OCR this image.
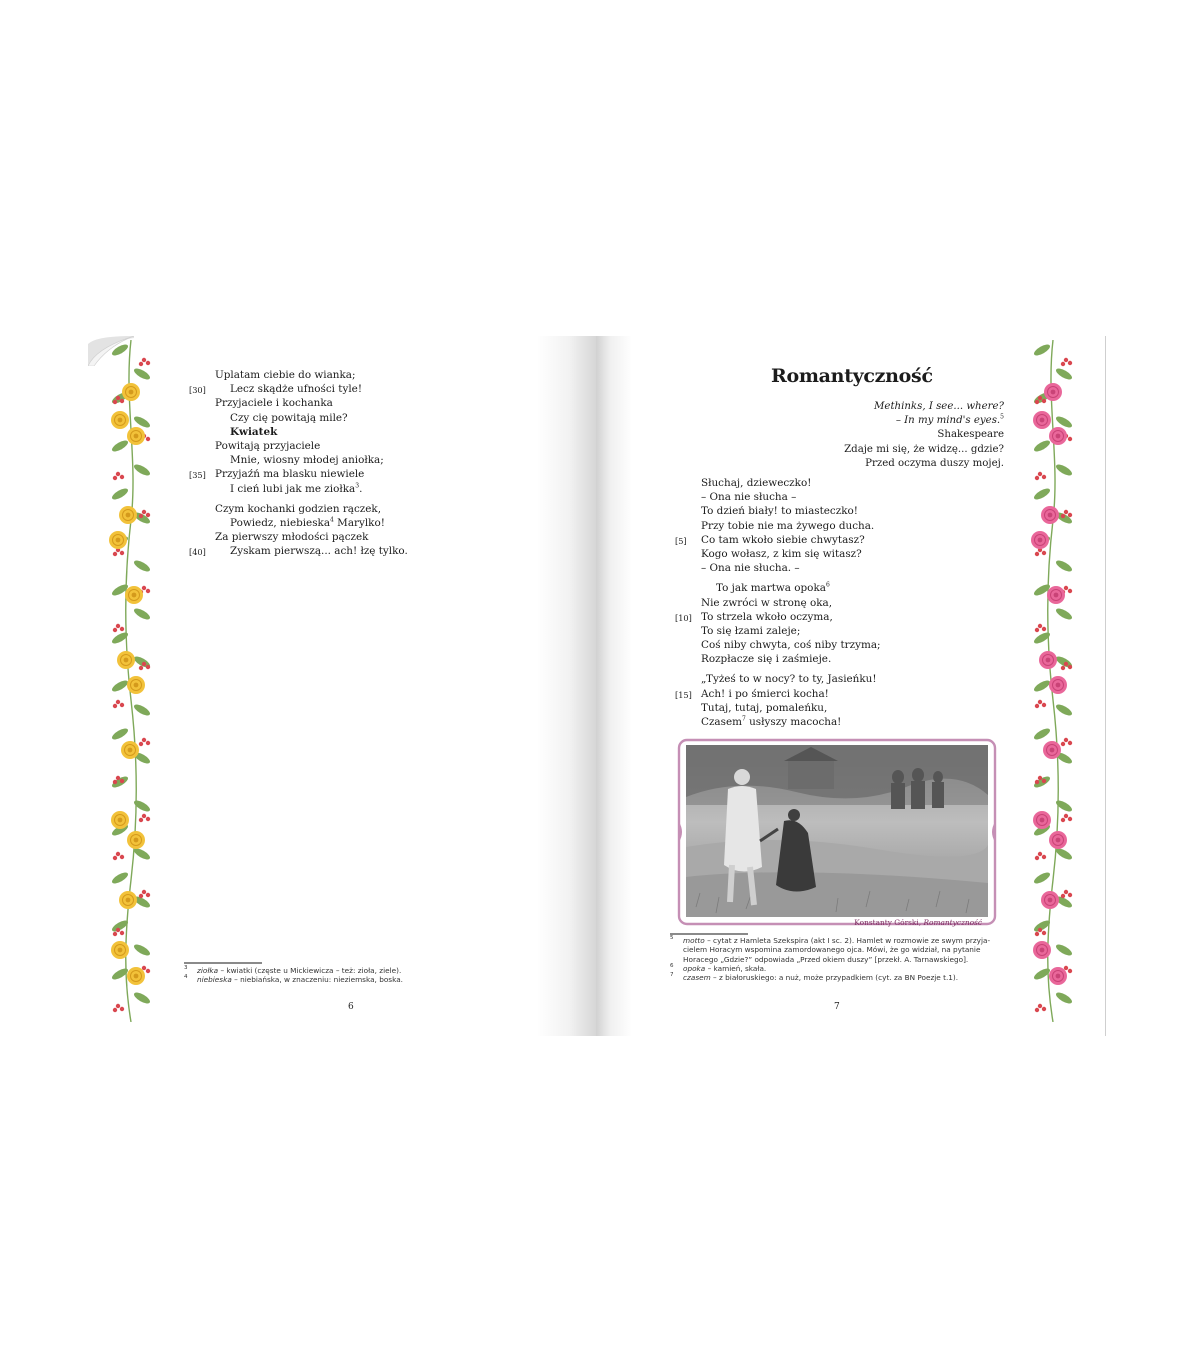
Uplatam ciebie do wianka;
[30] Lecz skądże ufności tyle!
Przyjaciele i kochanka
Czy cię powitają mile?
Kwiatek
Powitają przyjaciele
Mnie, wiosny młodej aniołka;
[35] Przyjaźń ma blasku niewiele
I cień lubi jak me ziołka$^3$.
Czym kochanki godzien rączek,
Powiedz, niebieska$^4$ Marylko!
Za pierwszy młodości pączek
[40] Zyskam pierwszą... ach! łzę tylko.
3 ziołka – kwiatki (częste u Mickiewicza – też: zioła, ziele).
4 niebieska – niebiańska, w znaczeniu: nieziemska, boska.
6
Romantyczność
Methinks, I see... where?
– In my mind's eyes.$^5$
Shakespeare
Zdaje mi się, że widzę... gdzie?
Przed oczyma duszy mojej.
Słuchaj, dzieweczko!
– Ona nie słucha –
To dzień biały! to miasteczko!
Przy tobie nie ma żywego ducha.
[5] Co tam wkoło siebie chwytasz?
Kogo wołasz, z kim się witasz?
– Ona nie słucha. –
To jak martwa opoka$^6$
Nie zwróci w stronę oka,
[10] To strzela wkoło oczyma,
To się łzami zaleje;
Coś niby chwyta, coś niby trzyma;
Rozpłacze się i zaśmieje.
„Tyżeś to w nocy? to ty, Jasieńku!
[15] Ach! i po śmierci kocha!
Tutaj, tutaj, pomaleńku,
Czasem$^7$ usłyszy macocha!
Konstanty Górski, Romantyczność
5 motto – cytat z Hamleta Szekspira (akt I sc. 2). Hamlet w rozmowie ze swym przyja-
cielem Horacym wspomina zamordowanego ojca. Mówi, że go widział, na pytanie
Horacego „Gdzie?” odpowiada „Przed okiem duszy” [przekł. A. Tarnawskiego].
6 opoka – kamień, skała.
7 czasem – z białoruskiego: a nuż, może przypadkiem (cyt. za BN Poezje t.1).
7
